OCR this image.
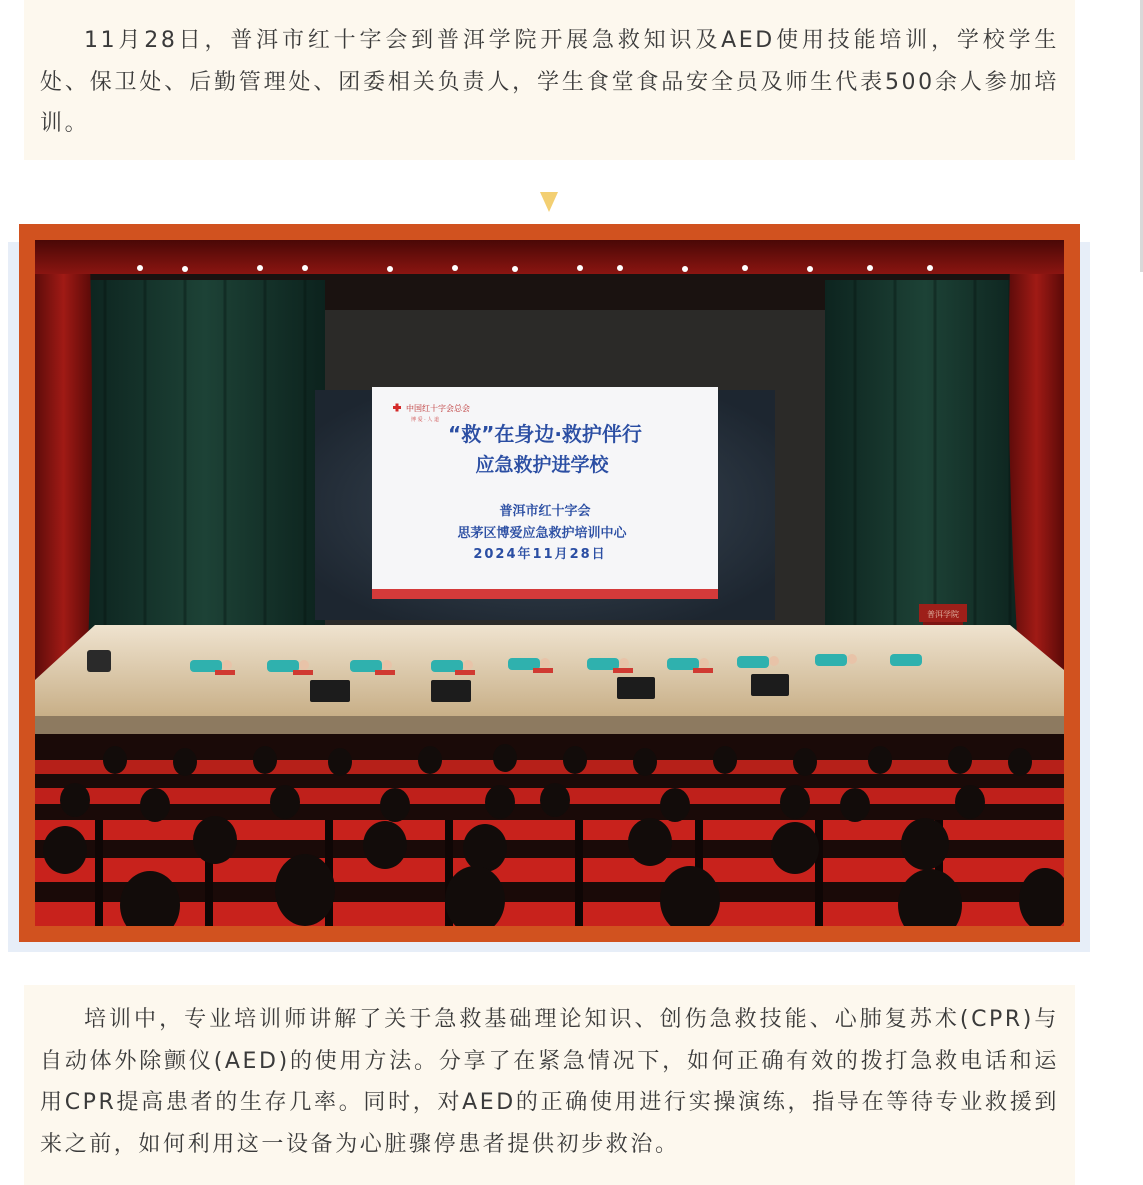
11月28日，普洱市红十字会到普洱学院开展急救知识及AED使用技能培训，学校学生处、保卫处、后勤管理处、团委相关负责人，学生食堂食品安全员及师生代表500余人参加培训。

中国红十字会总会
博 爱 · 人 道
“救”在身边·救护伴行
应急救护进学校
普洱市红十字会
思茅区博爱应急救护培训中心
2024年11月28日
普洱学院

培训中，专业培训师讲解了关于急救基础理论知识、创伤急救技能、心肺复苏术(CPR)与自动体外除颤仪(AED)的使用方法。分享了在紧急情况下，如何正确有效的拨打急救电话和运用CPR提高患者的生存几率。同时，对AED的正确使用进行实操演练，指导在等待专业救援到来之前，如何利用这一设备为心脏骤停患者提供初步救治。
